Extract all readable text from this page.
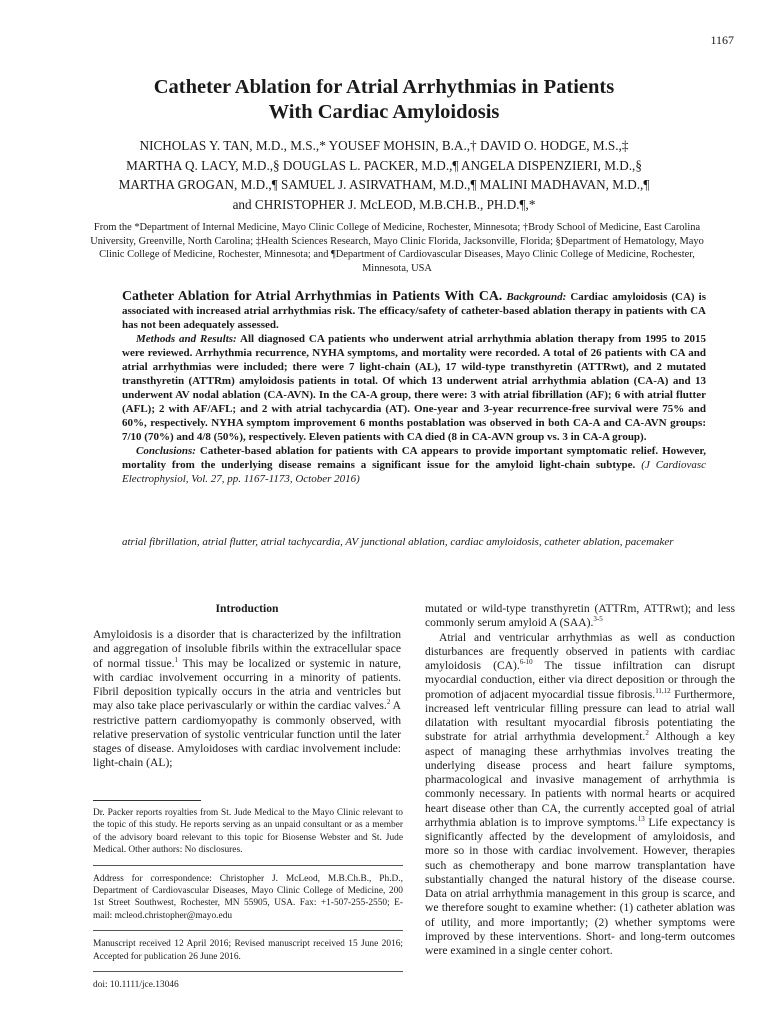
1167
Catheter Ablation for Atrial Arrhythmias in Patients
With Cardiac Amyloidosis
NICHOLAS Y. TAN, M.D., M.S.,* YOUSEF MOHSIN, B.A.,† DAVID O. HODGE, M.S.,‡
MARTHA Q. LACY, M.D.,§ DOUGLAS L. PACKER, M.D.,¶ ANGELA DISPENZIERI, M.D.,§
MARTHA GROGAN, M.D.,¶ SAMUEL J. ASIRVATHAM, M.D.,¶ MALINI MADHAVAN, M.D.,¶
and CHRISTOPHER J. McLEOD, M.B.CH.B., PH.D.¶,*

From the *Department of Internal Medicine, Mayo Clinic College of Medicine, Rochester, Minnesota; †Brody School of Medicine, East Carolina University, Greenville, North Carolina; ‡Health Sciences Research, Mayo Clinic Florida, Jacksonville, Florida; §Department of Hematology, Mayo Clinic College of Medicine, Rochester, Minnesota; and ¶Department of Cardiovascular Diseases, Mayo Clinic College of Medicine, Rochester, Minnesota, USA

Catheter Ablation for Atrial Arrhythmias in Patients With CA. Background: Cardiac amyloidosis (CA) is associated with increased atrial arrhythmias risk. The efficacy/safety of catheter-based ablation therapy in patients with CA has not been adequately assessed.

Methods and Results: All diagnosed CA patients who underwent atrial arrhythmia ablation therapy from 1995 to 2015 were reviewed. Arrhythmia recurrence, NYHA symptoms, and mortality were recorded. A total of 26 patients with CA and atrial arrhythmias were included; there were 7 light-chain (AL), 17 wild-type transthyretin (ATTRwt), and 2 mutated transthyretin (ATTRm) amyloidosis patients in total. Of which 13 underwent atrial arrhythmia ablation (CA-A) and 13 underwent AV nodal ablation (CA-AVN). In the CA-A group, there were: 3 with atrial fibrillation (AF); 6 with atrial flutter (AFL); 2 with AF/AFL; and 2 with atrial tachycardia (AT). One-year and 3-year recurrence-free survival were 75% and 60%, respectively. NYHA symptom improvement 6 months postablation was observed in both CA-A and CA-AVN groups: 7/10 (70%) and 4/8 (50%), respectively. Eleven patients with CA died (8 in CA-AVN group vs. 3 in CA-A group).

Conclusions: Catheter-based ablation for patients with CA appears to provide important symptomatic relief. However, mortality from the underlying disease remains a significant issue for the amyloid light-chain subtype. (J Cardiovasc Electrophysiol, Vol. 27, pp. 1167-1173, October 2016)

atrial fibrillation, atrial flutter, atrial tachycardia, AV junctional ablation, cardiac amyloidosis, catheter ablation, pacemaker

Introduction

Amyloidosis is a disorder that is characterized by the infiltration and aggregation of insoluble fibrils within the extracellular space of normal tissue.$^1$ This may be localized or systemic in nature, with cardiac involvement occurring in a minority of patients. Fibril deposition typically occurs in the atria and ventricles but may also take place perivascularly or within the cardiac valves.$^2$ A restrictive pattern cardiomyopathy is commonly observed, with relative preservation of systolic ventricular function until the later stages of disease. Amyloidoses with cardiac involvement include: light-chain (AL);

Dr. Packer reports royalties from St. Jude Medical to the Mayo Clinic relevant to the topic of this study. He reports serving as an unpaid consultant or as a member of the advisory board relevant to this topic for Biosense Webster and St. Jude Medical. Other authors: No disclosures.

Address for correspondence: Christopher J. McLeod, M.B.Ch.B., Ph.D., Department of Cardiovascular Diseases, Mayo Clinic College of Medicine, 200 1st Street Southwest, Rochester, MN 55905, USA. Fax: +1-507-255-2550; E-mail: mcleod.christopher@mayo.edu

Manuscript received 12 April 2016; Revised manuscript received 15 June 2016; Accepted for publication 26 June 2016.

doi: 10.1111/jce.13046

mutated or wild-type transthyretin (ATTRm, ATTRwt); and less commonly serum amyloid A (SAA).$^{3-5}$

Atrial and ventricular arrhythmias as well as conduction disturbances are frequently observed in patients with cardiac amyloidosis (CA).$^{6-10}$ The tissue infiltration can disrupt myocardial conduction, either via direct deposition or through the promotion of adjacent myocardial tissue fibrosis.$^{11,12}$ Furthermore, increased left ventricular filling pressure can lead to atrial wall dilatation with resultant myocardial fibrosis potentiating the substrate for atrial arrhythmia development.$^2$ Although a key aspect of managing these arrhythmias involves treating the underlying disease process and heart failure symptoms, pharmacological and invasive management of arrhythmia is commonly necessary. In patients with normal hearts or acquired heart disease other than CA, the currently accepted goal of atrial arrhythmia ablation is to improve symptoms.$^{13}$ Life expectancy is significantly affected by the development of amyloidosis, and more so in those with cardiac involvement. However, therapies such as chemotherapy and bone marrow transplantation have substantially changed the natural history of the disease course. Data on atrial arrhythmia management in this group is scarce, and we therefore sought to examine whether: (1) catheter ablation was of utility, and more importantly; (2) whether symptoms were improved by these interventions. Short- and long-term outcomes were examined in a single center cohort.
